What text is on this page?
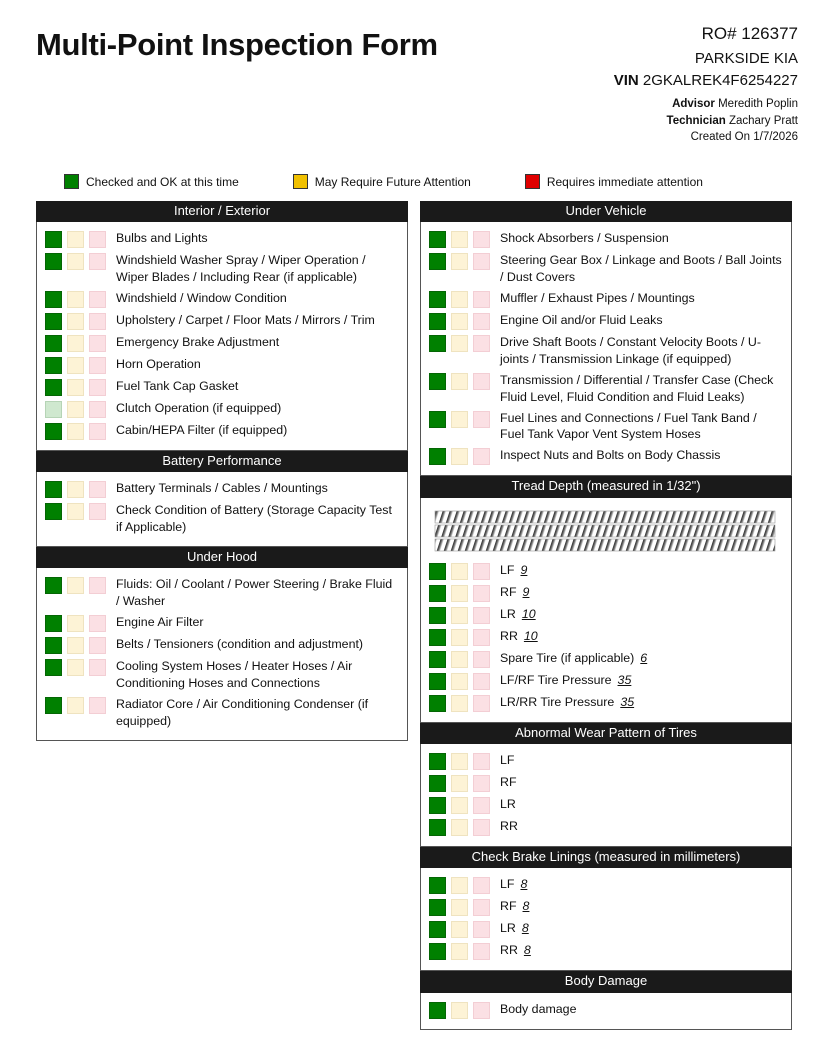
Multi-Point Inspection Form	RO# 126377
PARKSIDE KIA
VIN 2GKALREK4F6254227
Advisor Meredith Poplin
Technician Zachary Pratt
Created On 1/7/2026
Checked and OK at this time	May Require Future Attention	Requires immediate attention
Interior / Exterior
Bulbs and Lights
Windshield Washer Spray / Wiper Operation / Wiper Blades / Including Rear (if applicable)
Windshield / Window Condition
Upholstery / Carpet / Floor Mats / Mirrors / Trim
Emergency Brake Adjustment
Horn Operation
Fuel Tank Cap Gasket
Clutch Operation (if equipped)
Cabin/HEPA Filter (if equipped)
Battery Performance
Battery Terminals / Cables / Mountings
Check Condition of Battery (Storage Capacity Test if Applicable)
Under Hood
Fluids: Oil / Coolant / Power Steering / Brake Fluid / Washer
Engine Air Filter
Belts / Tensioners (condition and adjustment)
Cooling System Hoses / Heater Hoses / Air Conditioning Hoses and Connections
Radiator Core / Air Conditioning Condenser (if equipped)
Under Vehicle
Shock Absorbers / Suspension
Steering Gear Box / Linkage and Boots / Ball Joints / Dust Covers
Muffler / Exhaust Pipes / Mountings
Engine Oil and/or Fluid Leaks
Drive Shaft Boots / Constant Velocity Boots / U-joints / Transmission Linkage (if equipped)
Transmission / Differential / Transfer Case (Check Fluid Level, Fluid Condition and Fluid Leaks)
Fuel Lines and Connections / Fuel Tank Band / Fuel Tank Vapor Vent System Hoses
Inspect Nuts and Bolts on Body Chassis
Tread Depth (measured in 1/32")
LF 9
RF 9
LR 10
RR 10
Spare Tire (if applicable) 6
LF/RF Tire Pressure 35
LR/RR Tire Pressure 35
Abnormal Wear Pattern of Tires
LF
RF
LR
RR
Check Brake Linings (measured in millimeters)
LF 8
RF 8
LR 8
RR 8
Body Damage
Body damage
